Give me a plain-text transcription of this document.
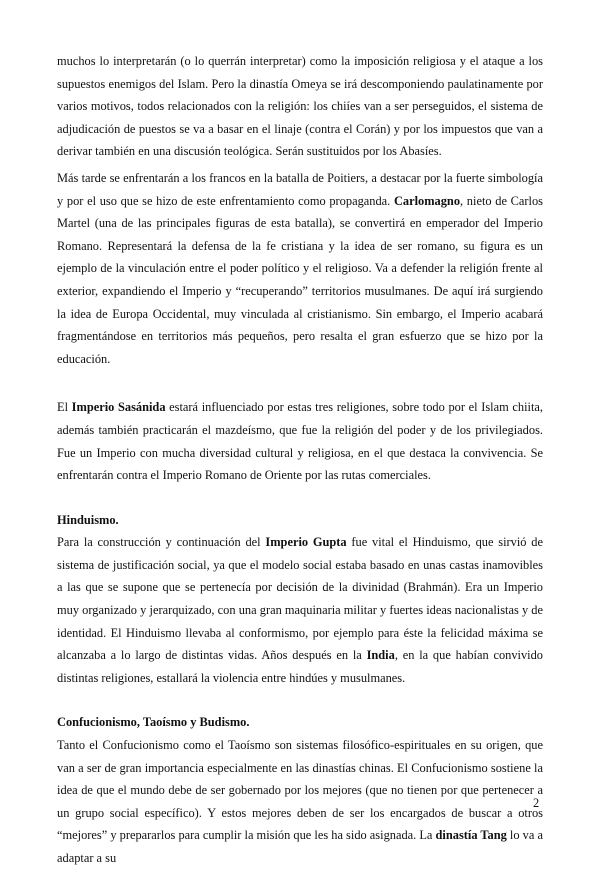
muchos lo interpretarán (o lo querrán interpretar) como la imposición religiosa y el ataque a los supuestos enemigos del Islam. Pero la dinastía Omeya se irá descomponiendo paulatinamente por varios motivos, todos relacionados con la religión: los chiíes van a ser perseguidos, el sistema de adjudicación de puestos se va a basar en el linaje (contra el Corán) y por los impuestos que van a derivar también en una discusión teológica. Serán sustituidos por los Abasíes.

Más tarde se enfrentarán a los francos en la batalla de Poitiers, a destacar por la fuerte simbología y por el uso que se hizo de este enfrentamiento como propaganda. Carlomagno, nieto de Carlos Martel (una de las principales figuras de esta batalla), se convertirá en emperador del Imperio Romano. Representará la defensa de la fe cristiana y la idea de ser romano, su figura es un ejemplo de la vinculación entre el poder político y el religioso. Va a defender la religión frente al exterior, expandiendo el Imperio y “recuperando” territorios musulmanes. De aquí irá surgiendo la idea de Europa Occidental, muy vinculada al cristianismo. Sin embargo, el Imperio acabará fragmentándose en territorios más pequeños, pero resalta el gran esfuerzo que se hizo por la educación.

El Imperio Sasánida estará influenciado por estas tres religiones, sobre todo por el Islam chiita, además también practicarán el mazdeísmo, que fue la religión del poder y de los privilegiados. Fue un Imperio con mucha diversidad cultural y religiosa, en el que destaca la convivencia. Se enfrentarán contra el Imperio Romano de Oriente por las rutas comerciales.

Hinduismo.

Para la construcción y continuación del Imperio Gupta fue vital el Hinduismo, que sirvió de sistema de justificación social, ya que el modelo social estaba basado en unas castas inamovibles a las que se supone que se pertenecía por decisión de la divinidad (Brahmán). Era un Imperio muy organizado y jerarquizado, con una gran maquinaria militar y fuertes ideas nacionalistas y de identidad. El Hinduismo llevaba al conformismo, por ejemplo para éste la felicidad máxima se alcanzaba a lo largo de distintas vidas. Años después en la India, en la que habían convivido distintas religiones, estallará la violencia entre hindúes y musulmanes.

Confucionismo, Taoísmo y Budismo.

Tanto el Confucionismo como el Taoísmo son sistemas filosófico-espirituales en su origen, que van a ser de gran importancia especialmente en las dinastías chinas. El Confucionismo sostiene la idea de que el mundo debe de ser gobernado por los mejores (que no tienen por que pertenecer a un grupo social específico). Y estos mejores deben de ser los encargados de buscar a otros “mejores” y prepararlos para cumplir la misión que les ha sido asignada. La dinastía Tang lo va a adaptar a su

2
